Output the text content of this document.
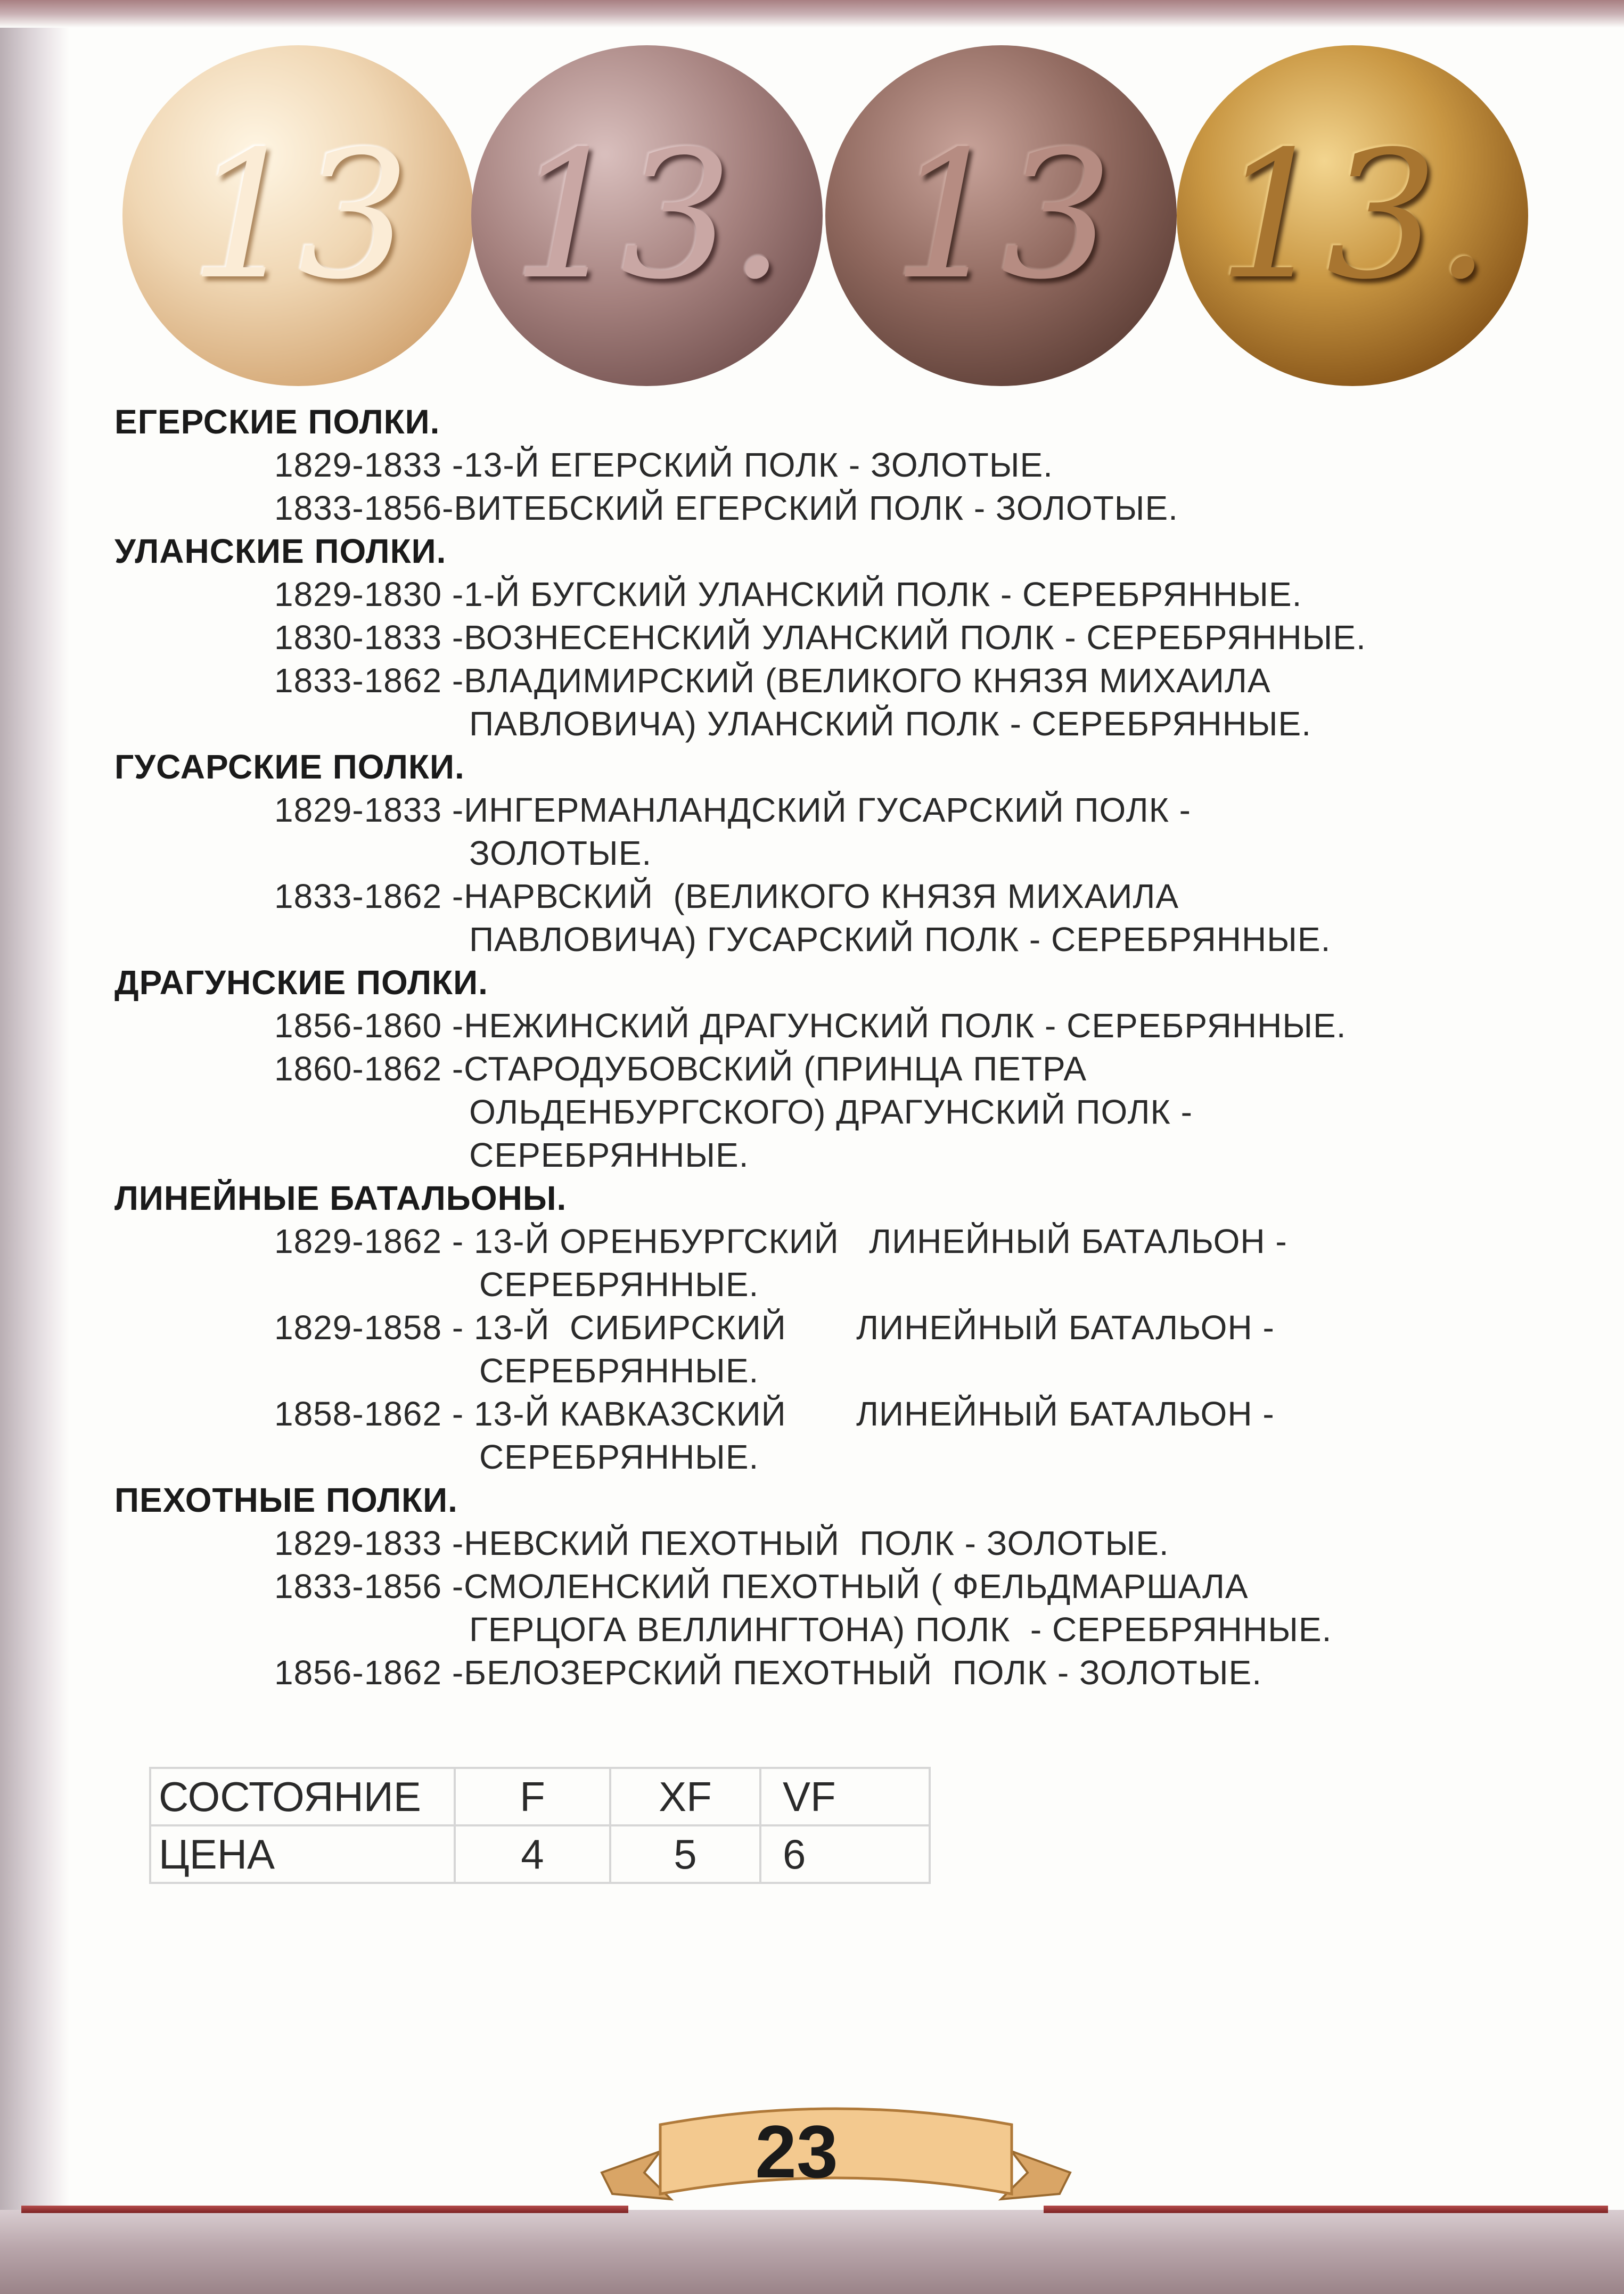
13 13. 13 13.
ЕГЕРСКИЕ ПОЛКИ.
1829-1833 - 13-Й ЕГЕРСКИЙ ПОЛК - ЗОЛОТЫЕ.
1833-1856- ВИТЕБСКИЙ ЕГЕРСКИЙ ПОЛК - ЗОЛОТЫЕ.
УЛАНСКИЕ ПОЛКИ.
1829-1830 - 1-Й БУГСКИЙ УЛАНСКИЙ ПОЛК - СЕРЕБРЯННЫЕ.
1830-1833 - ВОЗНЕСЕНСКИЙ УЛАНСКИЙ ПОЛК - СЕРЕБРЯННЫЕ.
1833-1862 - ВЛАДИМИРСКИЙ (ВЕЛИКОГО КНЯЗЯ МИХАИЛА
ПАВЛОВИЧА) УЛАНСКИЙ ПОЛК - СЕРЕБРЯННЫЕ.
ГУСАРСКИЕ ПОЛКИ.
1829-1833 - ИНГЕРМАНЛАНДСКИЙ ГУСАРСКИЙ ПОЛК -
ЗОЛОТЫЕ.
1833-1862 - НАРВСКИЙ  (ВЕЛИКОГО КНЯЗЯ МИХАИЛА
ПАВЛОВИЧА) ГУСАРСКИЙ ПОЛК - СЕРЕБРЯННЫЕ.
ДРАГУНСКИЕ ПОЛКИ.
1856-1860 - НЕЖИНСКИЙ ДРАГУНСКИЙ ПОЛК - СЕРЕБРЯННЫЕ.
1860-1862 - СТАРОДУБОВСКИЙ (ПРИНЦА ПЕТРА
ОЛЬДЕНБУРГСКОГО) ДРАГУНСКИЙ ПОЛК -
СЕРЕБРЯННЫЕ.
ЛИНЕЙНЫЕ БАТАЛЬОНЫ.
1829-1862 - 13-Й ОРЕНБУРГСКИЙ   ЛИНЕЙНЫЙ БАТАЛЬОН -
СЕРЕБРЯННЫЕ.
1829-1858 - 13-Й  СИБИРСКИЙ       ЛИНЕЙНЫЙ БАТАЛЬОН -
СЕРЕБРЯННЫЕ.
1858-1862 - 13-Й КАВКАЗСКИЙ       ЛИНЕЙНЫЙ БАТАЛЬОН -
СЕРЕБРЯННЫЕ.
ПЕХОТНЫЕ ПОЛКИ.
1829-1833 - НЕВСКИЙ ПЕХОТНЫЙ  ПОЛК - ЗОЛОТЫЕ.
1833-1856 - СМОЛЕНСКИЙ ПЕХОТНЫЙ ( ФЕЛЬДМАРШАЛА
ГЕРЦОГА ВЕЛЛИНГТОНА) ПОЛК  - СЕРЕБРЯННЫЕ.
1856-1862 - БЕЛОЗЕРСКИЙ ПЕХОТНЫЙ  ПОЛК - ЗОЛОТЫЕ.
СОСТОЯНИЕ	F	XF	VF
ЦЕНА	4	5	6
23
